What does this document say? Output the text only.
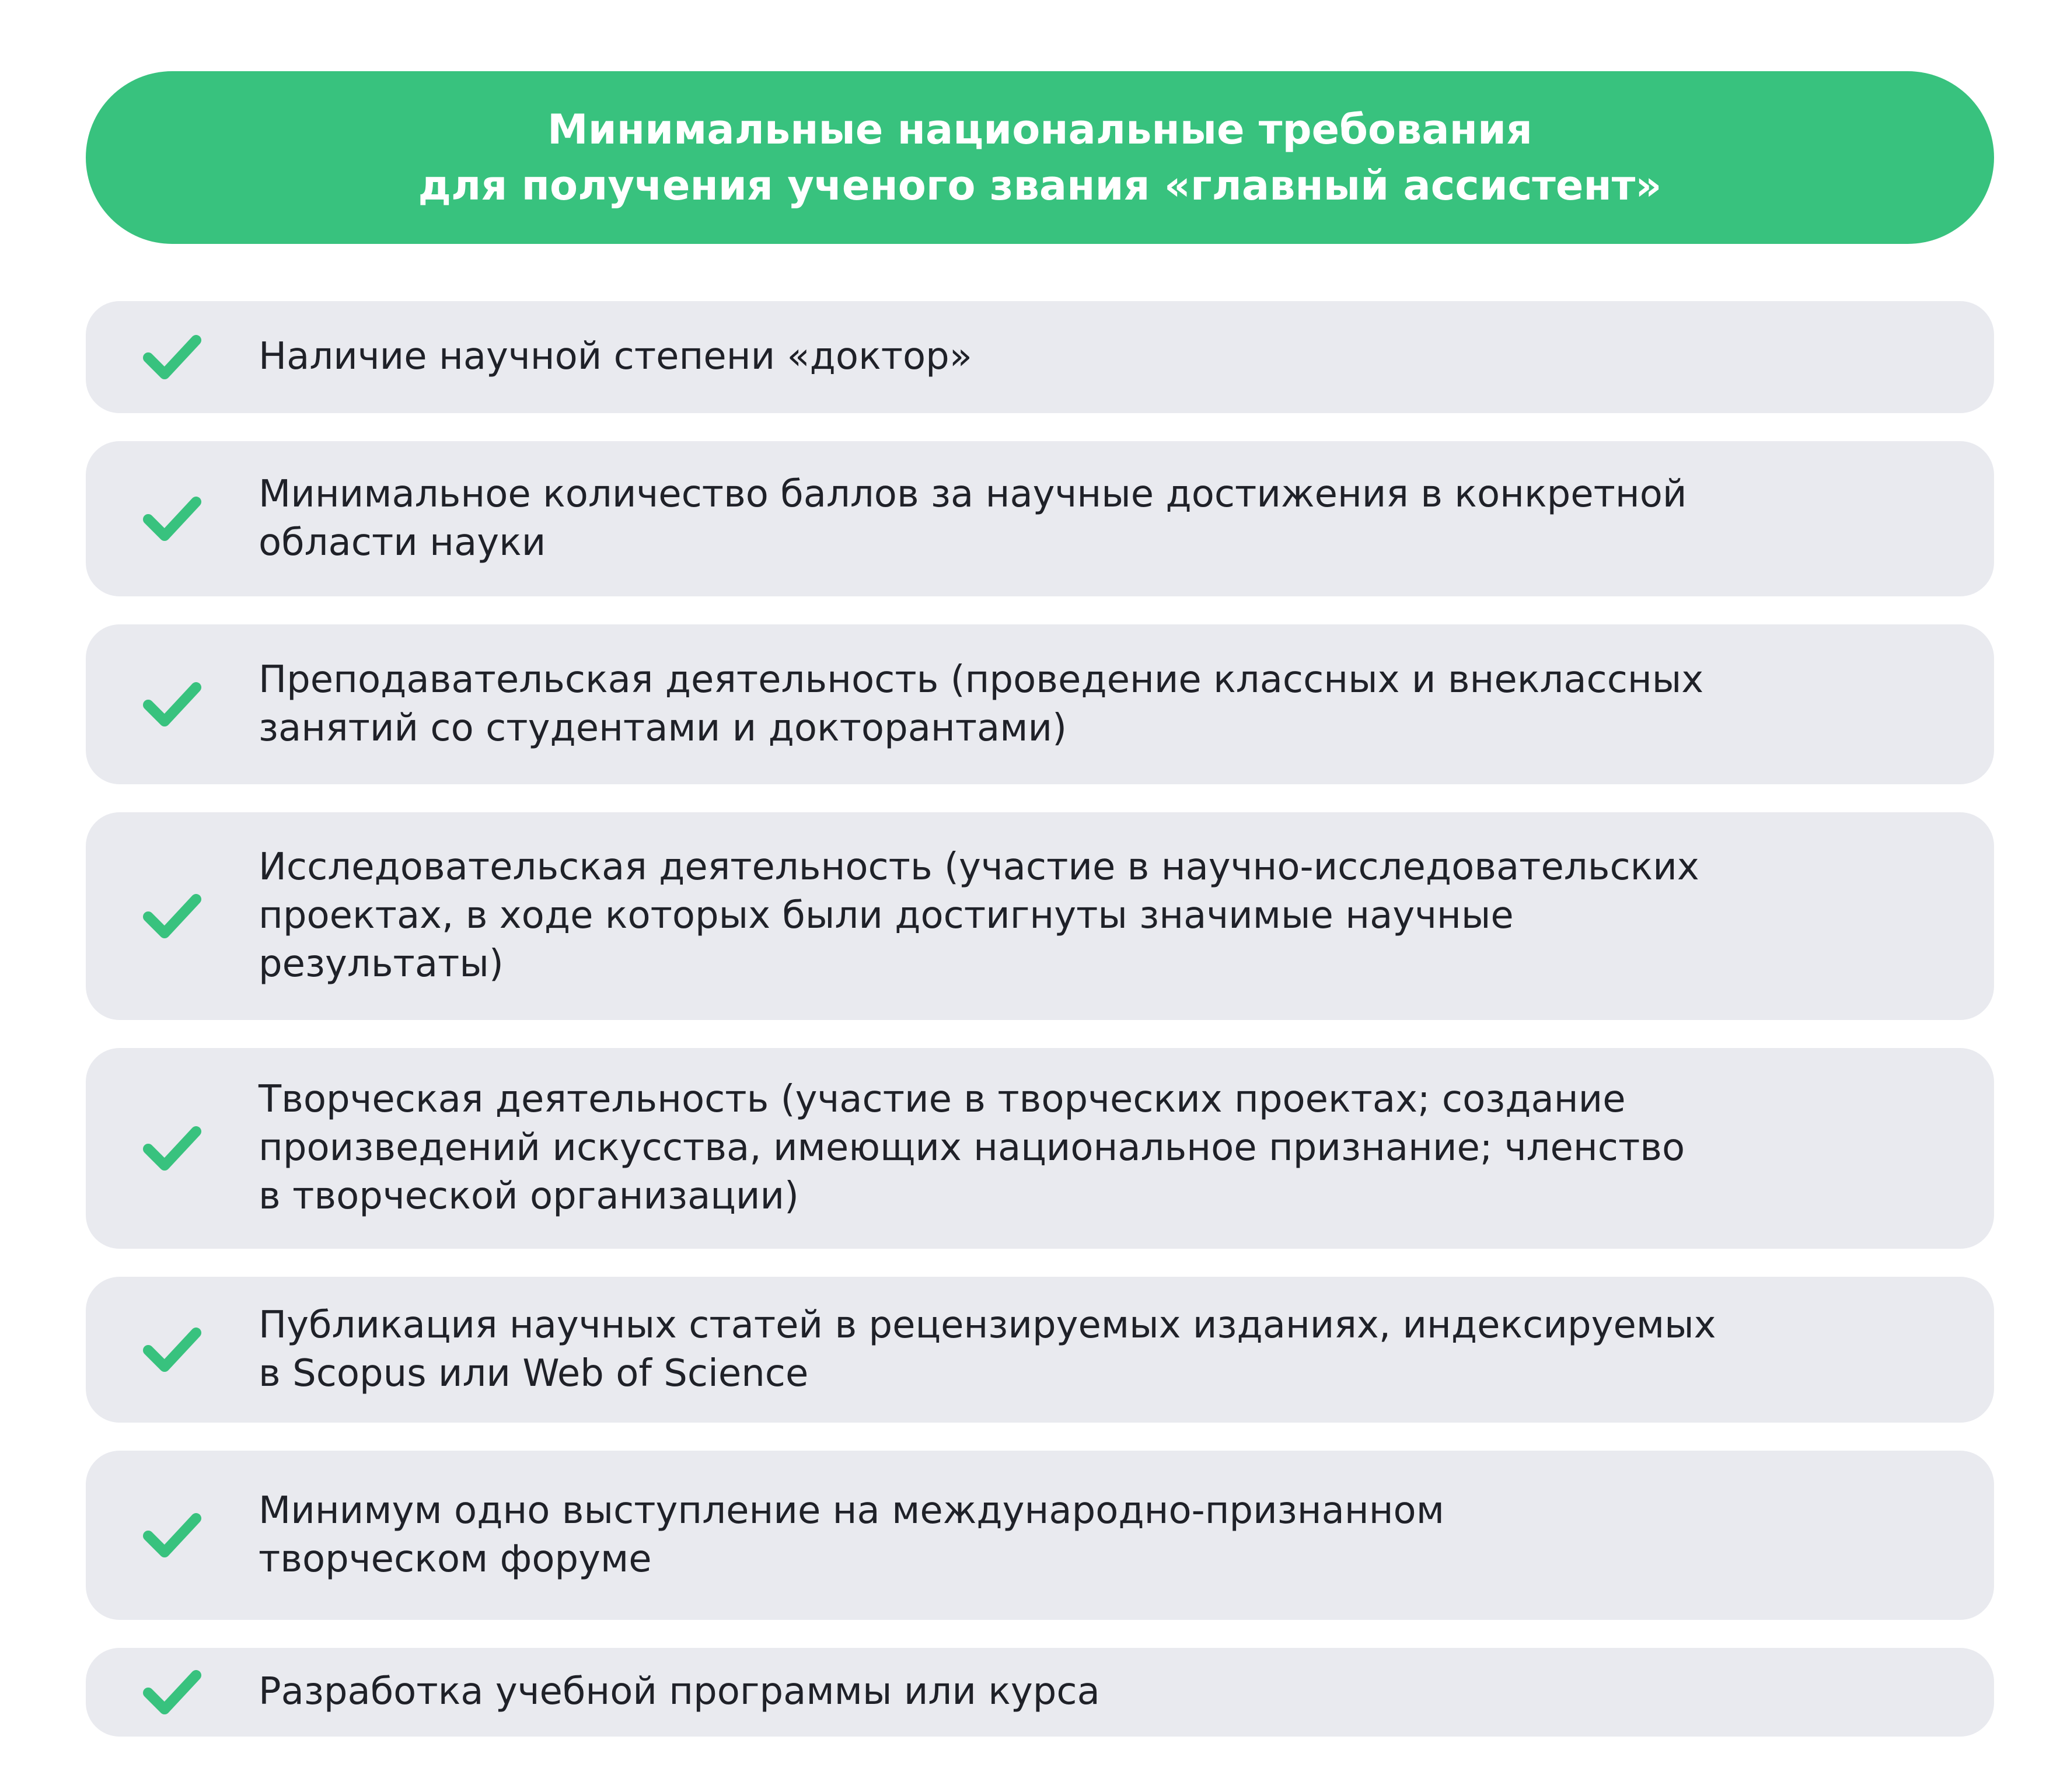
Минимальные национальные требования
для получения ученого звания «главный ассистент»
Наличие научной степени «доктор»
Минимальное количество баллов за научные достижения в конкретной
области науки
Преподавательская деятельность (проведение классных и внеклассных
занятий со студентами и докторантами)
Исследовательская деятельность (участие в научно-исследовательских
проектах, в ходе которых были достигнуты значимые научные
результаты)
Творческая деятельность (участие в творческих проектах; создание
произведений искусства, имеющих национальное признание; членство
в творческой организации)
Публикация научных статей в рецензируемых изданиях, индексируемых
в Scopus или Web of Science
Минимум одно выступление на международно-признанном
творческом форуме
Разработка учебной программы или курса
